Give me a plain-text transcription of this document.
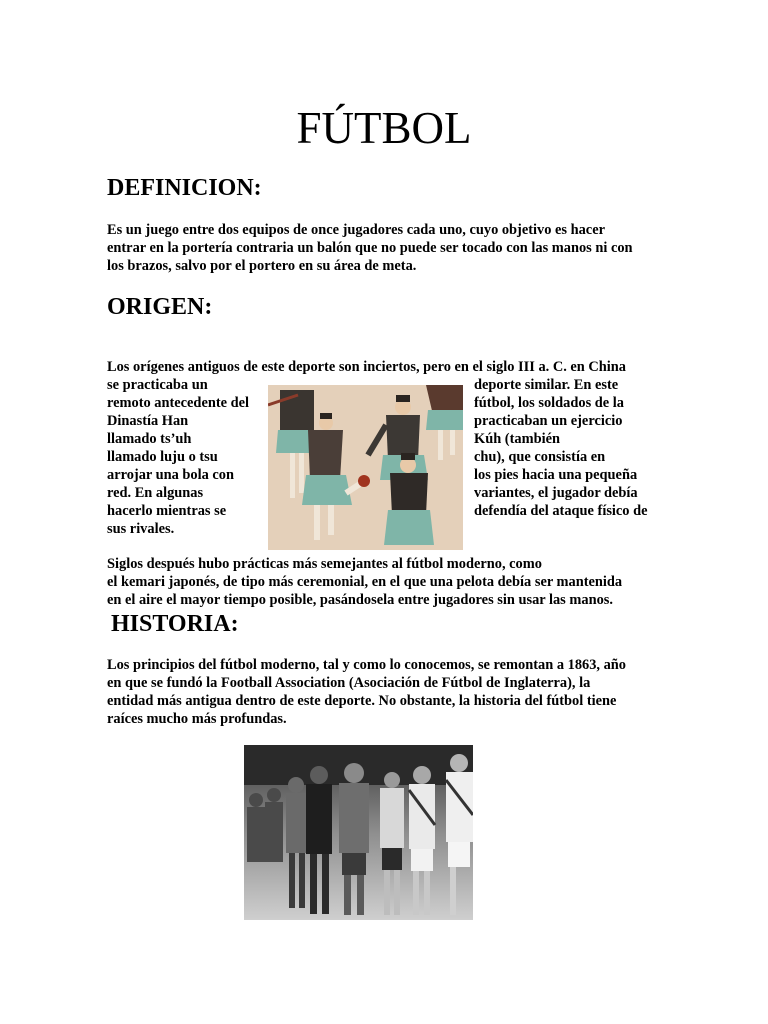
FÚTBOL
DEFINICION:
Es un juego entre dos equipos de once jugadores cada uno, cuyo objetivo es hacer
entrar en la portería contraria un balón que no puede ser tocado con las manos ni con
los brazos, salvo por el portero en su área de meta.
ORIGEN:
Los orígenes antiguos de este deporte son inciertos, pero en el siglo III a. C. en China
se practicaba un
remoto antecedente del
Dinastía Han
llamado ts’uh
llamado luju o tsu
arrojar una bola con
red. En algunas
hacerlo mientras se
sus rivales.
deporte similar. En este
fútbol, los soldados de la
practicaban un ejercicio
Kúh (también
chu), que consistía en
los pies hacia una pequeña
variantes, el jugador debía
defendía del ataque físico de
Siglos después hubo prácticas más semejantes al fútbol moderno, como
el kemari japonés, de tipo más ceremonial, en el que una pelota debía ser mantenida
en el aire el mayor tiempo posible, pasándosela entre jugadores sin usar las manos.
HISTORIA:
Los principios del fútbol moderno, tal y como lo conocemos, se remontan a 1863, año
en que se fundó la Football Association (Asociación de Fútbol de Inglaterra), la
entidad más antigua dentro de este deporte. No obstante, la historia del fútbol tiene
raíces mucho más profundas.
